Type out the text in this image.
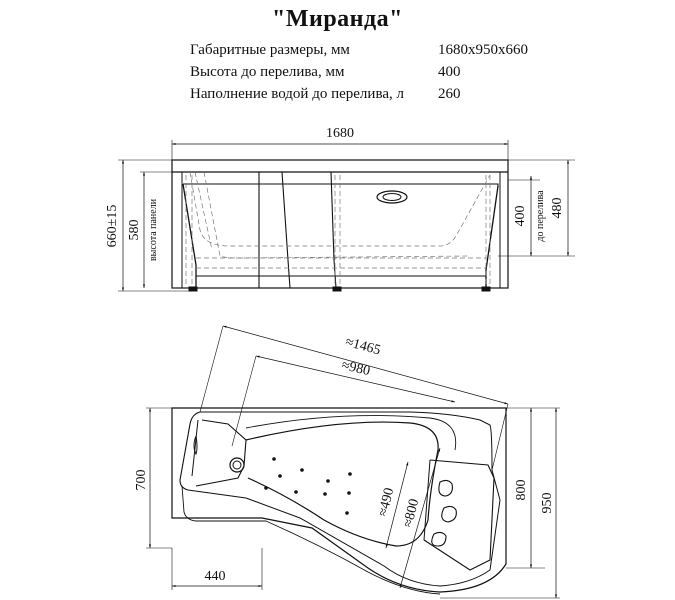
"Миранда"
Габаритные размеры, мм	1680x950x660
Высота до перелива, мм	400
Наполнение водой до перелива, л 260
1680
660±15 580 высота панели	400 до перелива 480
≈1465
≈980
≈490 ≈800
700	800
950
440
